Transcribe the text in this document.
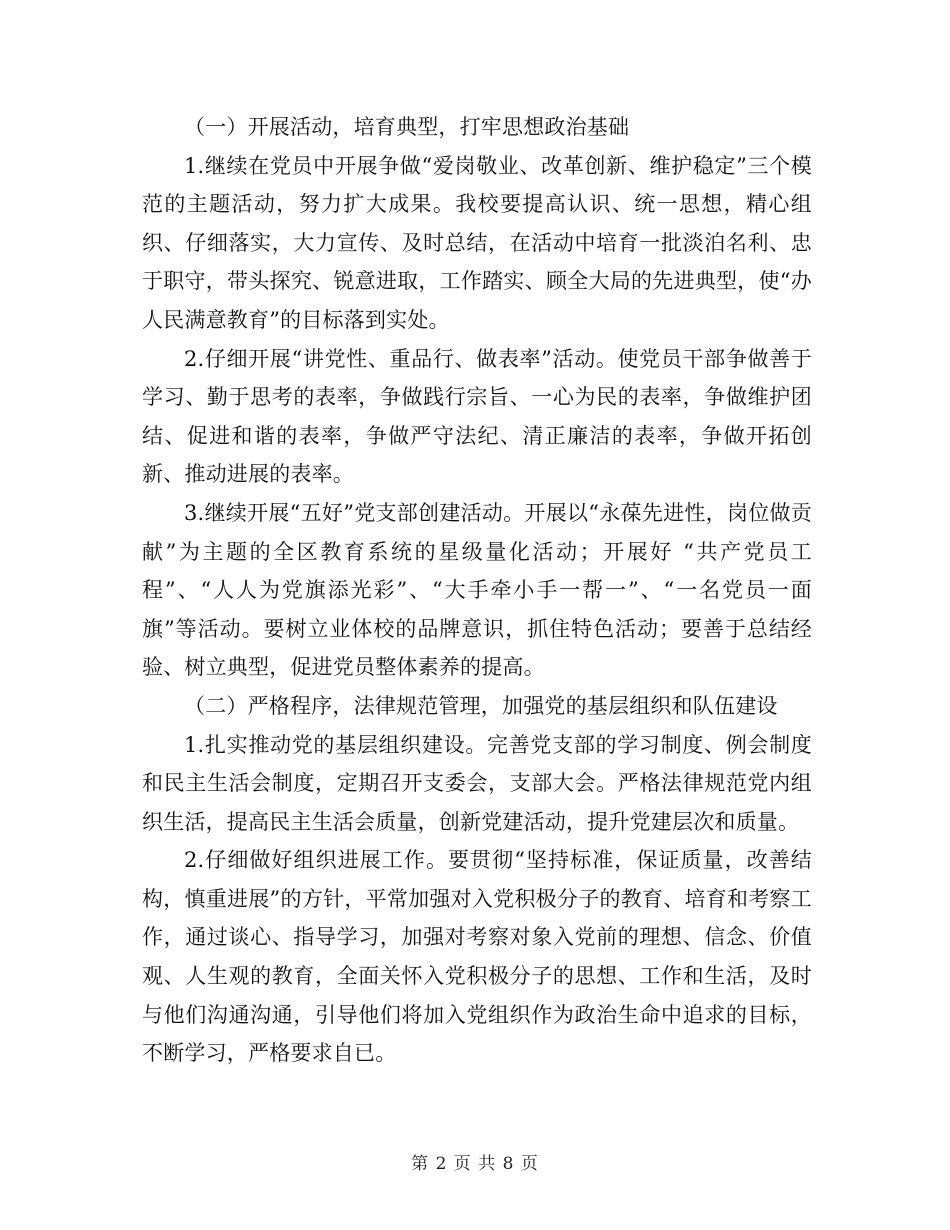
（一）开展活动，培育典型，打牢思想政治基础

1.继续在党员中开展争做“爱岗敬业、改革创新、维护稳定”三个模范的主题活动，努力扩大成果。我校要提高认识、统一思想，精心组织、仔细落实，大力宣传、及时总结，在活动中培育一批淡泊名利、忠于职守，带头探究、锐意进取，工作踏实、顾全大局的先进典型，使“办人民满意教育”的目标落到实处。

2.仔细开展“讲党性、重品行、做表率”活动。使党员干部争做善于学习、勤于思考的表率，争做践行宗旨、一心为民的表率，争做维护团结、促进和谐的表率，争做严守法纪、清正廉洁的表率，争做开拓创新、推动进展的表率。

3.继续开展“五好”党支部创建活动。开展以“永葆先进性，岗位做贡献”为主题的全区教育系统的星级量化活动；开展好 “共产党员工程”、“人人为党旗添光彩”、“大手牵小手一帮一”、“一名党员一面旗”等活动。要树立业体校的品牌意识，抓住特色活动；要善于总结经验、树立典型，促进党员整体素养的提高。

（二）严格程序，法律规范管理，加强党的基层组织和队伍建设

1.扎实推动党的基层组织建设。完善党支部的学习制度、例会制度和民主生活会制度，定期召开支委会，支部大会。严格法律规范党内组织生活，提高民主生活会质量，创新党建活动，提升党建层次和质量。

2.仔细做好组织进展工作。要贯彻“坚持标准，保证质量，改善结构，慎重进展”的方针，平常加强对入党积极分子的教育、培育和考察工作，通过谈心、指导学习，加强对考察对象入党前的理想、信念、价值观、人生观的教育，全面关怀入党积极分子的思想、工作和生活，及时与他们沟通沟通，引导他们将加入党组织作为政治生命中追求的目标，不断学习，严格要求自已。

第 2 页 共 8 页
